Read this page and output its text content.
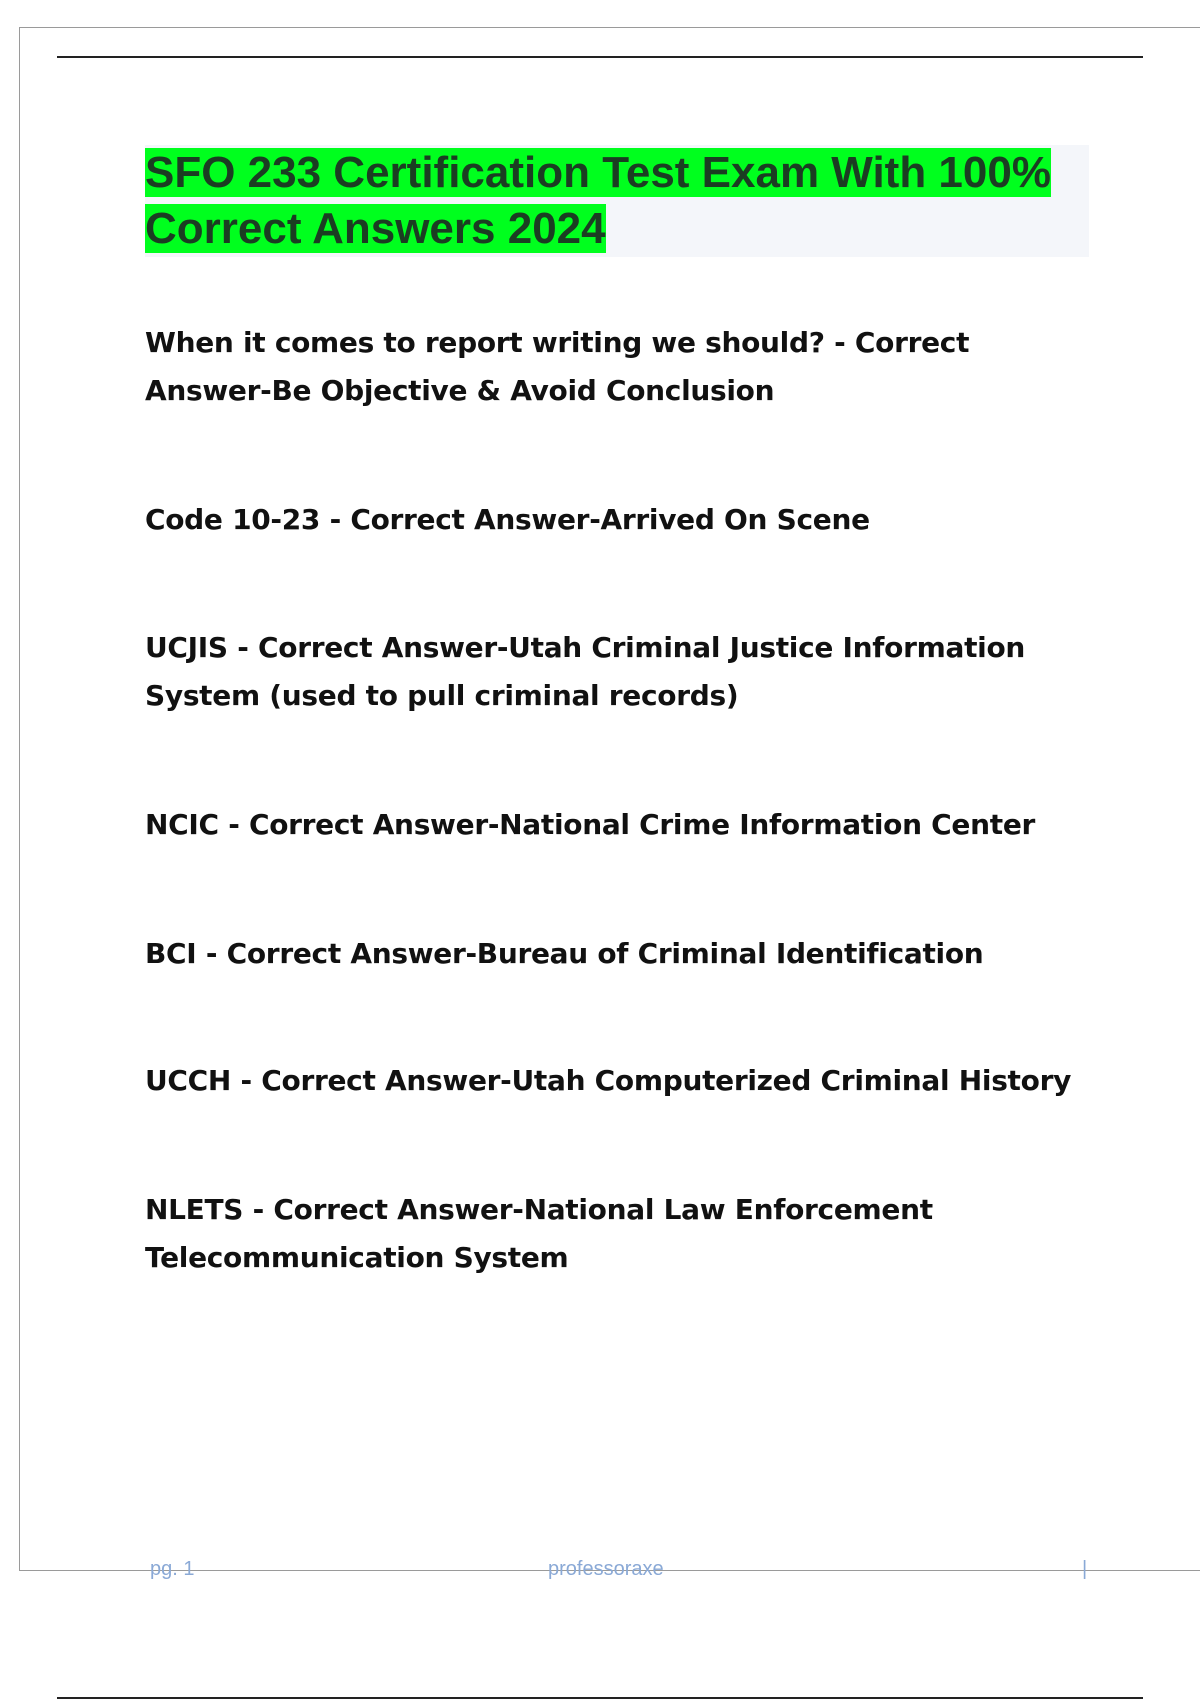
SFO 233 Certification Test Exam With 100% Correct Answers 2024

When it comes to report writing we should? - Correct Answer-Be Objective & Avoid Conclusion

Code 10-23 - Correct Answer-Arrived On Scene

UCJIS - Correct Answer-Utah Criminal Justice Information System (used to pull criminal records)

NCIC - Correct Answer-National Crime Information Center

BCI - Correct Answer-Bureau of Criminal Identification

UCCH - Correct Answer-Utah Computerized Criminal History

NLETS - Correct Answer-National Law Enforcement Telecommunication System

pg. 1	professoraxe	|
